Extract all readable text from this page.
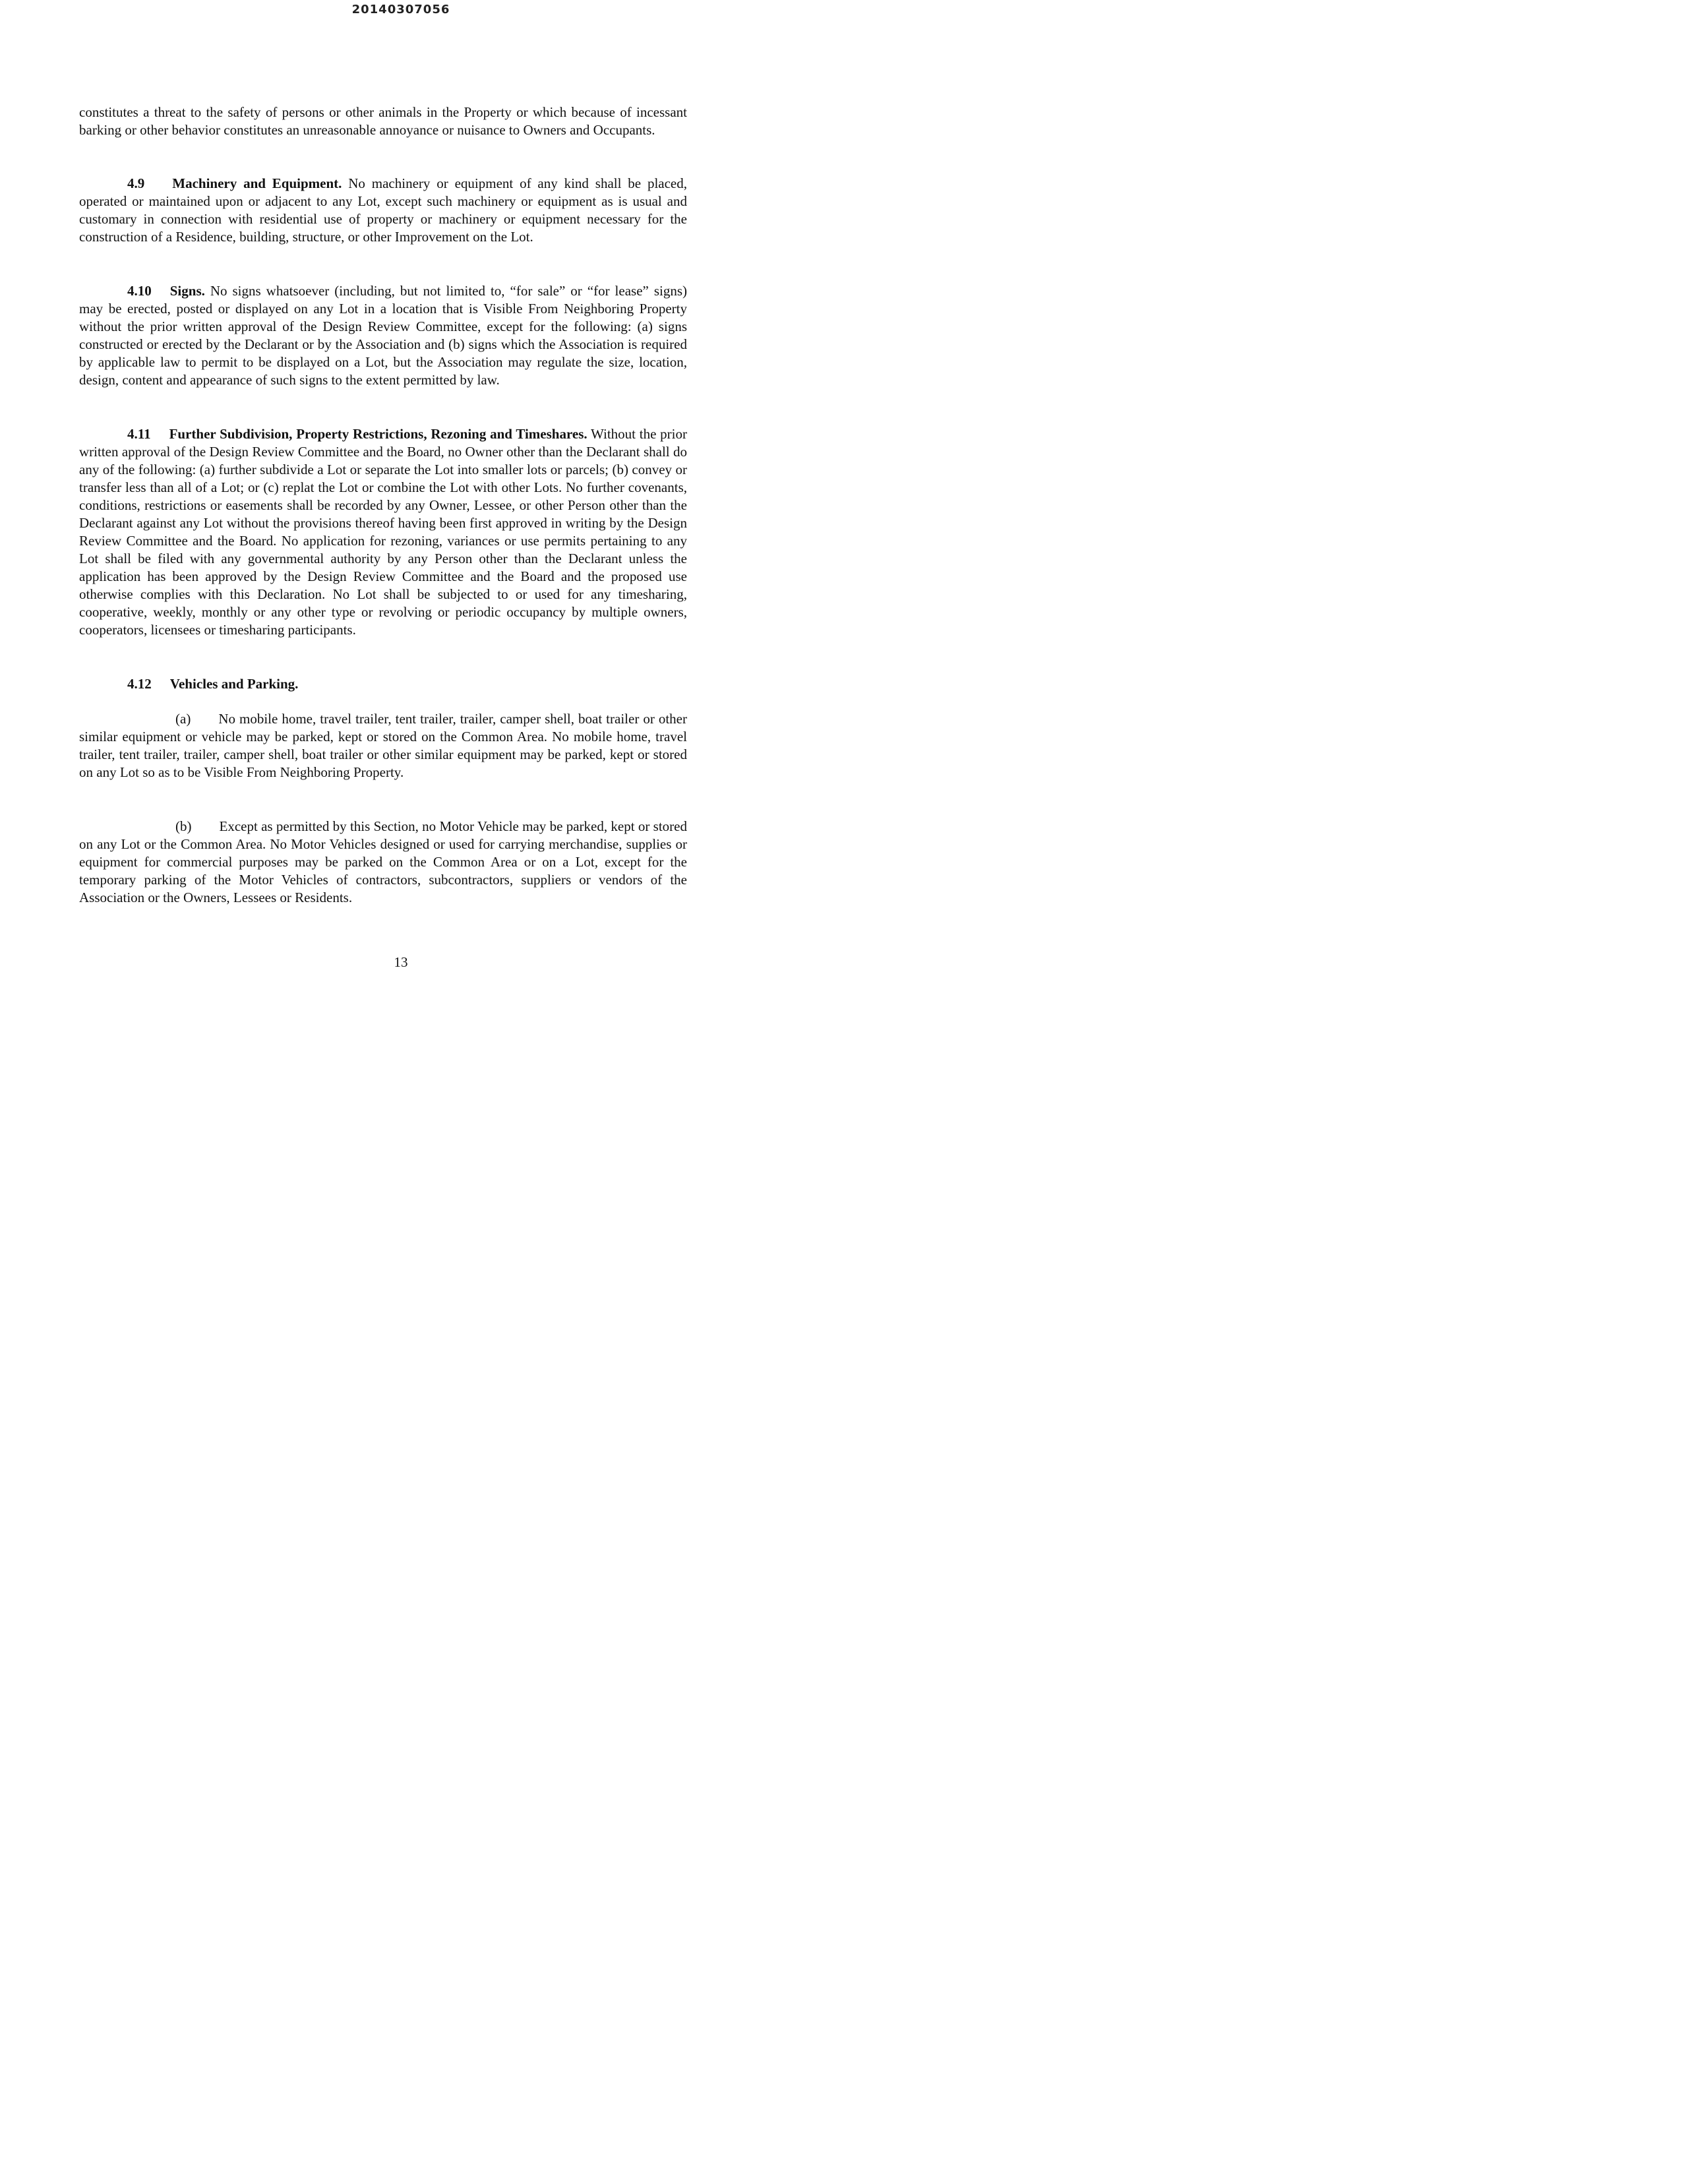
20140307056

constitutes a threat to the safety of persons or other animals in the Property or which because of incessant barking or other behavior constitutes an unreasonable annoyance or nuisance to Owners and Occupants.

4.9 Machinery and Equipment. No machinery or equipment of any kind shall be placed, operated or maintained upon or adjacent to any Lot, except such machinery or equipment as is usual and customary in connection with residential use of property or machinery or equipment necessary for the construction of a Residence, building, structure, or other Improvement on the Lot.

4.10 Signs. No signs whatsoever (including, but not limited to, “for sale” or “for lease” signs) may be erected, posted or displayed on any Lot in a location that is Visible From Neighboring Property without the prior written approval of the Design Review Committee, except for the following: (a) signs constructed or erected by the Declarant or by the Association and (b) signs which the Association is required by applicable law to permit to be displayed on a Lot, but the Association may regulate the size, location, design, content and appearance of such signs to the extent permitted by law.

4.11 Further Subdivision, Property Restrictions, Rezoning and Timeshares. Without the prior written approval of the Design Review Committee and the Board, no Owner other than the Declarant shall do any of the following: (a) further subdivide a Lot or separate the Lot into smaller lots or parcels; (b) convey or transfer less than all of a Lot; or (c) replat the Lot or combine the Lot with other Lots. No further covenants, conditions, restrictions or easements shall be recorded by any Owner, Lessee, or other Person other than the Declarant against any Lot without the provisions thereof having been first approved in writing by the Design Review Committee and the Board. No application for rezoning, variances or use permits pertaining to any Lot shall be filed with any governmental authority by any Person other than the Declarant unless the application has been approved by the Design Review Committee and the Board and the proposed use otherwise complies with this Declaration. No Lot shall be subjected to or used for any timesharing, cooperative, weekly, monthly or any other type or revolving or periodic occupancy by multiple owners, cooperators, licensees or timesharing participants.

4.12 Vehicles and Parking.

(a) No mobile home, travel trailer, tent trailer, trailer, camper shell, boat trailer or other similar equipment or vehicle may be parked, kept or stored on the Common Area. No mobile home, travel trailer, tent trailer, trailer, camper shell, boat trailer or other similar equipment may be parked, kept or stored on any Lot so as to be Visible From Neighboring Property.

(b) Except as permitted by this Section, no Motor Vehicle may be parked, kept or stored on any Lot or the Common Area. No Motor Vehicles designed or used for carrying merchandise, supplies or equipment for commercial purposes may be parked on the Common Area or on a Lot, except for the temporary parking of the Motor Vehicles of contractors, subcontractors, suppliers or vendors of the Association or the Owners, Lessees or Residents.

13
